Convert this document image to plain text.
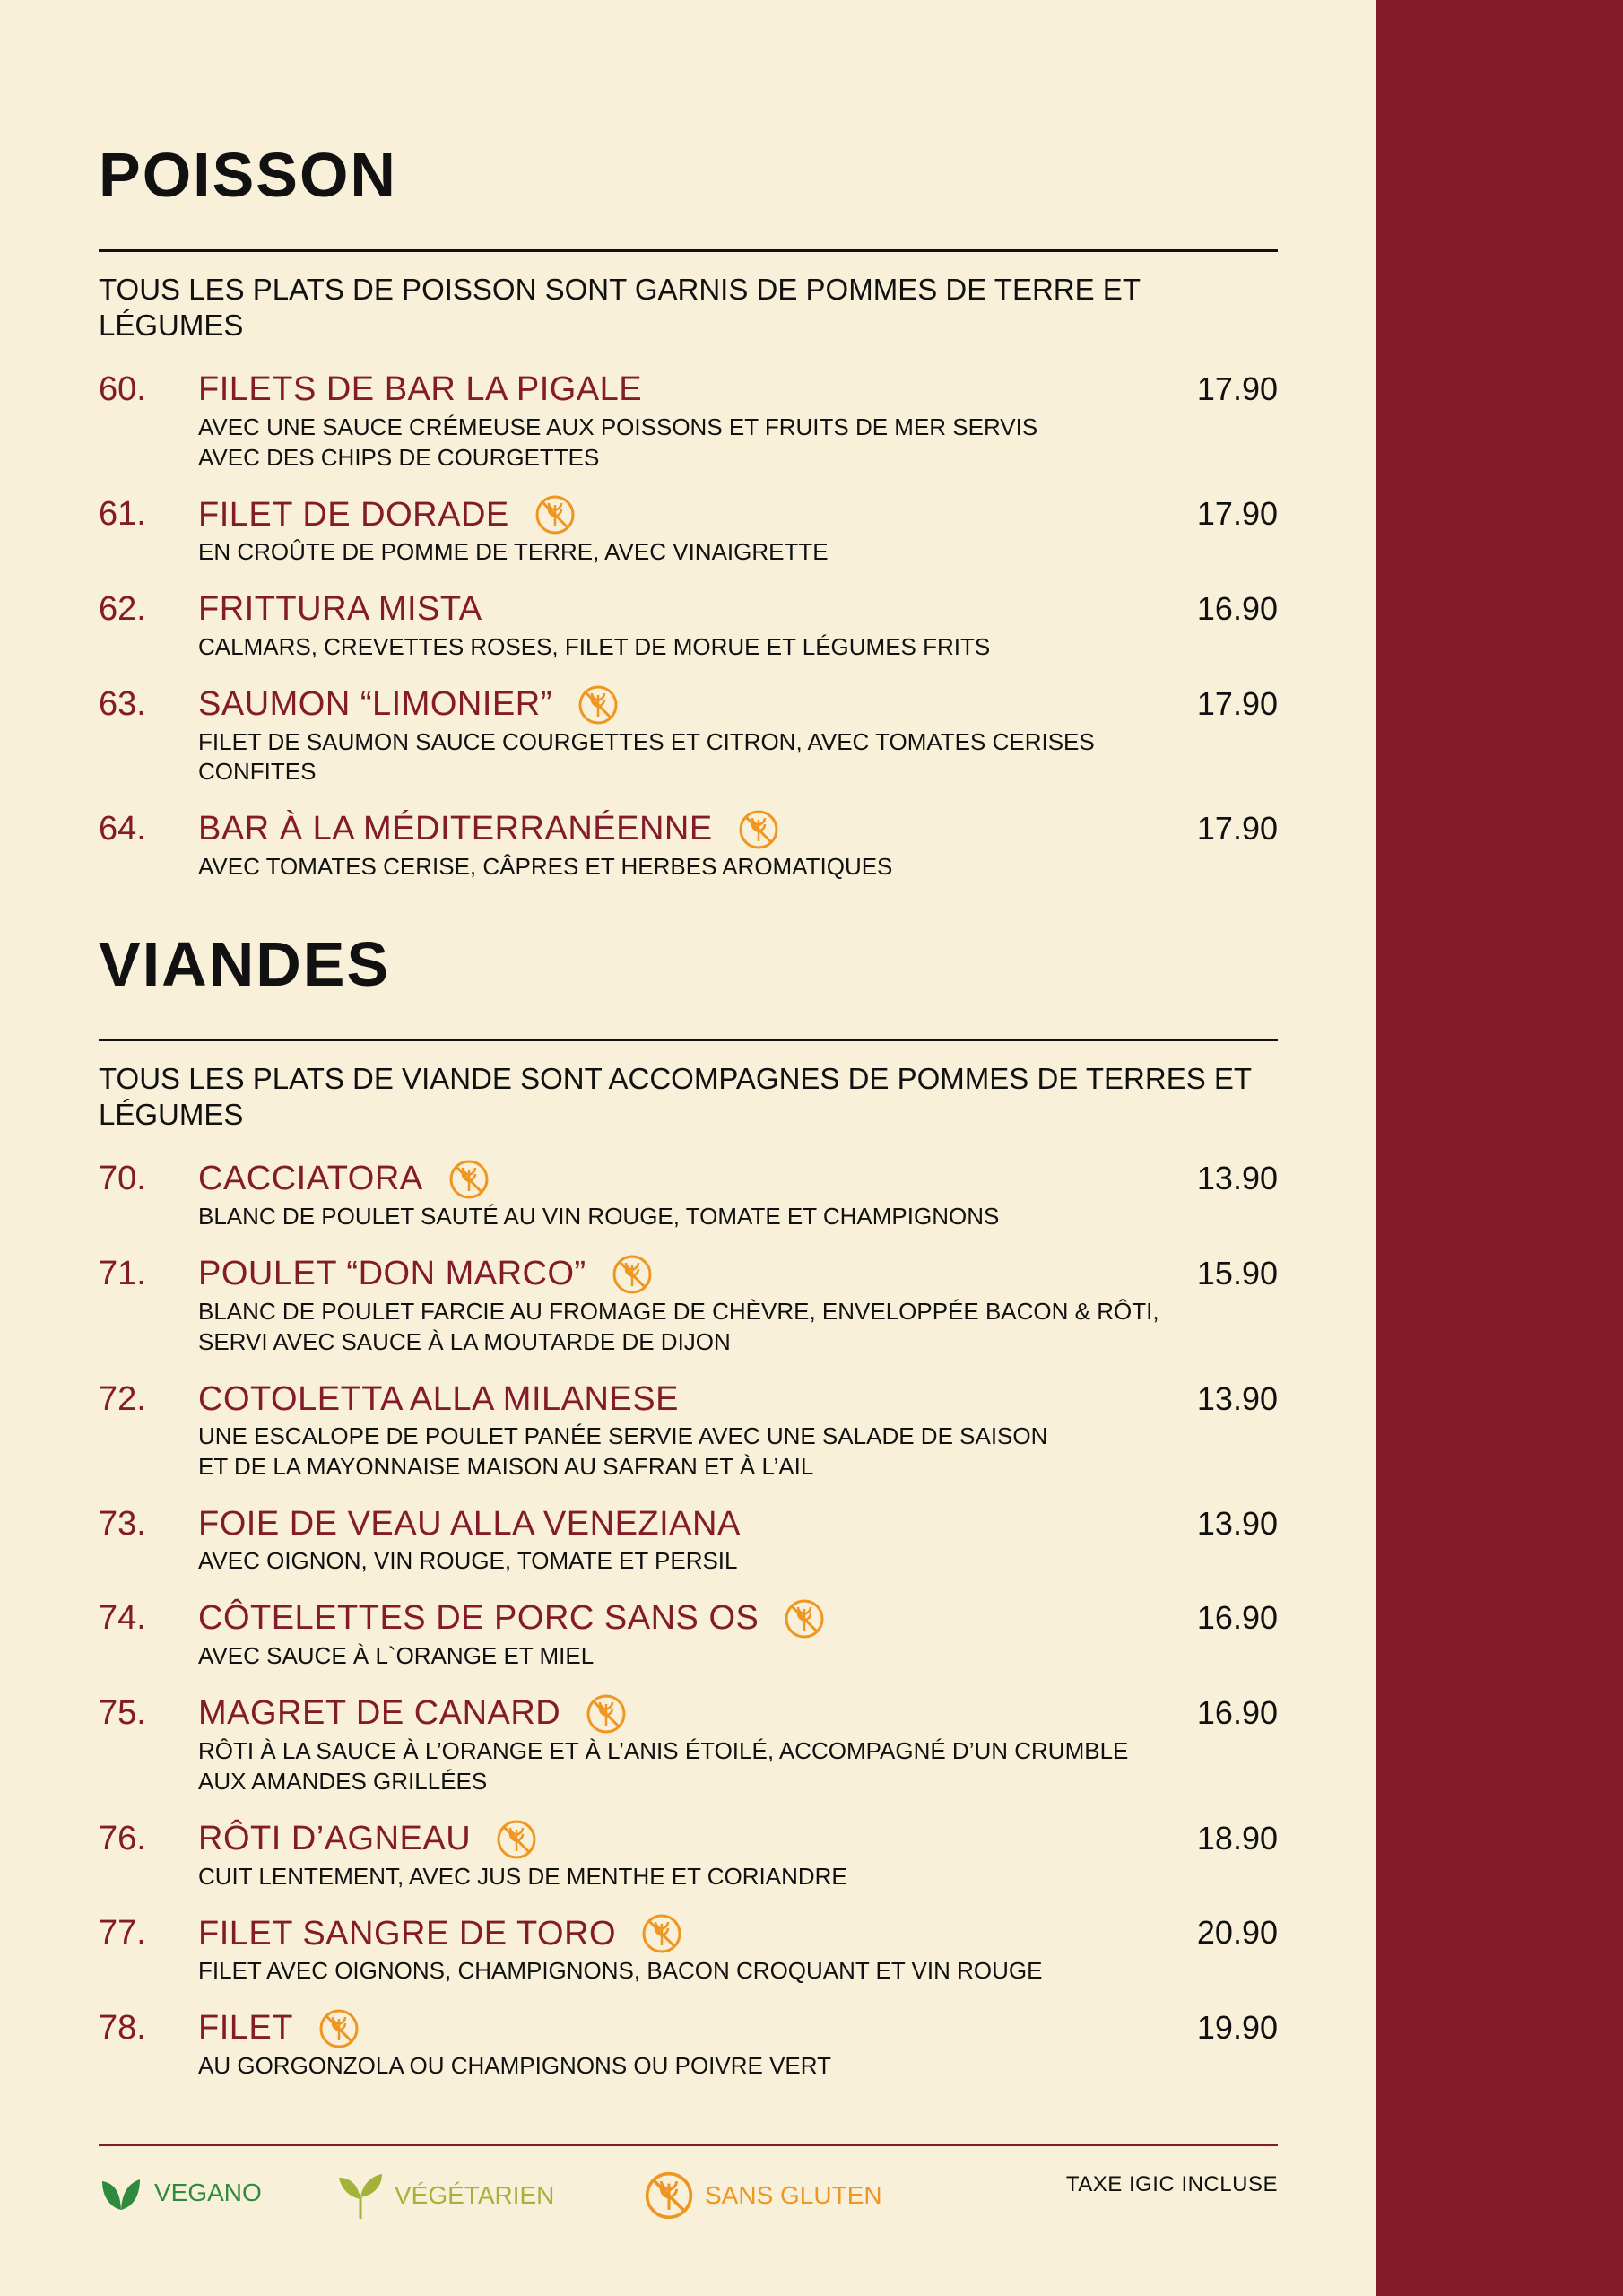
POISSON
TOUS LES PLATS DE POISSON SONT GARNIS DE POMMES DE TERRE ET LÉGUMES
60. FILETS DE BAR LA PIGALE	17.90
AVEC UNE SAUCE CRÉMEUSE AUX POISSONS ET FRUITS DE MER SERVIS
AVEC DES CHIPS DE COURGETTES
61. FILET DE DORADE	17.90
EN CROÛTE DE POMME DE TERRE, AVEC VINAIGRETTE
62. FRITTURA MISTA	16.90
CALMARS, CREVETTES ROSES, FILET DE MORUE ET LÉGUMES FRITS
63. SAUMON “LIMONIER”	17.90
FILET DE SAUMON SAUCE COURGETTES ET CITRON, AVEC TOMATES CERISES CONFITES
64. BAR À LA MÉDITERRANÉENNE	17.90
AVEC TOMATES CERISE, CÂPRES ET HERBES AROMATIQUES
VIANDES
TOUS LES PLATS DE VIANDE SONT ACCOMPAGNES DE POMMES DE TERRES ET LÉGUMES
70. CACCIATORA	13.90
BLANC DE POULET SAUTÉ AU VIN ROUGE, TOMATE ET CHAMPIGNONS
71. POULET “DON MARCO”	15.90
BLANC DE POULET FARCIE AU FROMAGE DE CHÈVRE, ENVELOPPÉE BACON & RÔTI,
SERVI AVEC SAUCE À LA MOUTARDE DE DIJON
72. COTOLETTA ALLA MILANESE	13.90
UNE ESCALOPE DE POULET PANÉE SERVIE AVEC UNE SALADE DE SAISON
ET DE LA MAYONNAISE MAISON AU SAFRAN ET À L’AIL
73. FOIE DE VEAU ALLA VENEZIANA	13.90
AVEC OIGNON, VIN ROUGE, TOMATE ET PERSIL
74. CÔTELETTES DE PORC SANS OS	16.90
AVEC SAUCE À L`ORANGE ET MIEL
75. MAGRET DE CANARD	16.90
RÔTI À LA SAUCE À L’ORANGE ET À L’ANIS ÉTOILÉ, ACCOMPAGNÉ D’UN CRUMBLE
AUX AMANDES GRILLÉES
76. RÔTI D’AGNEAU	18.90
CUIT LENTEMENT, AVEC JUS DE MENTHE ET CORIANDRE
77. FILET SANGRE DE TORO	20.90
FILET AVEC OIGNONS, CHAMPIGNONS, BACON CROQUANT ET VIN ROUGE
78. FILET	19.90
AU GORGONZOLA OU CHAMPIGNONS OU POIVRE VERT
VEGANO	VÉGÉTARIEN	SANS GLUTEN	TAXE IGIC INCLUSE
